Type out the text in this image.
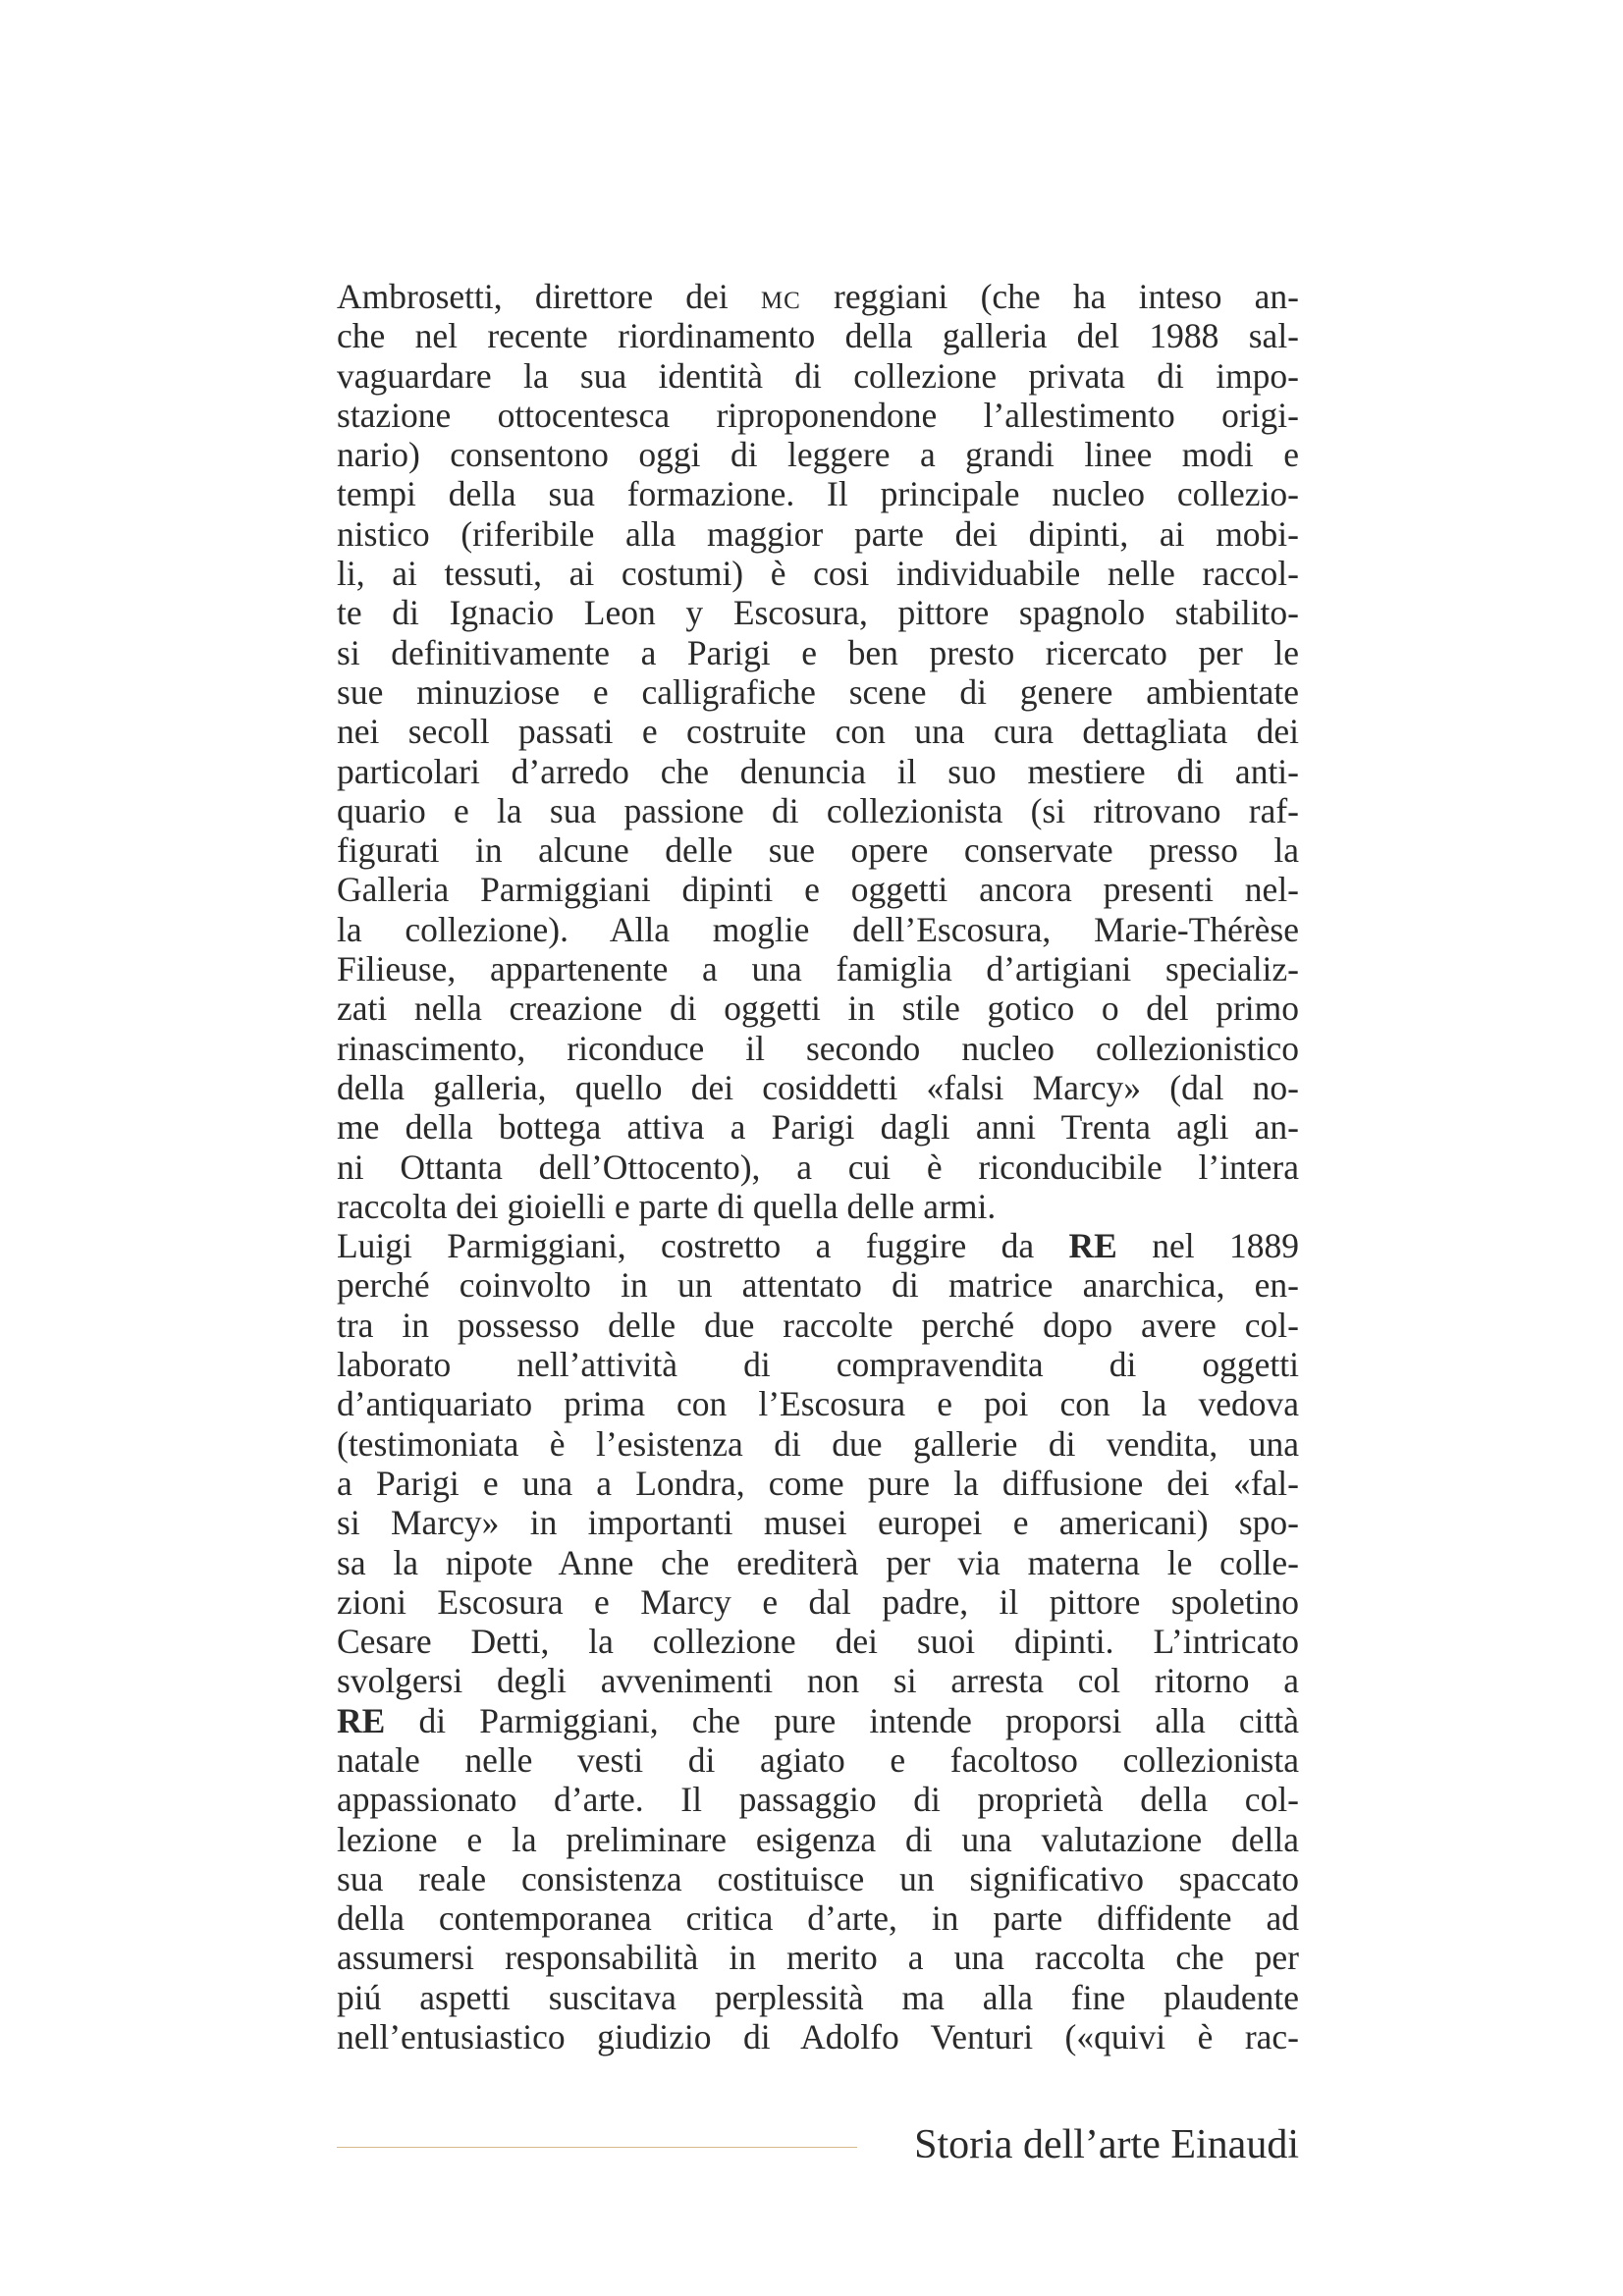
Ambrosetti, direttore dei mc reggiani (che ha inteso an-
che nel recente riordinamento della galleria del 1988 sal-
vaguardare la sua identità di collezione privata di impo-
stazione ottocentesca riproponendone l’allestimento origi-
nario) consentono oggi di leggere a grandi linee modi e
tempi della sua formazione. Il principale nucleo collezio-
nistico (riferibile alla maggior parte dei dipinti, ai mobi-
li, ai tessuti, ai costumi) è cosi individuabile nelle raccol-
te di Ignacio Leon y Escosura, pittore spagnolo stabilito-
si definitivamente a Parigi e ben presto ricercato per le
sue minuziose e calligrafiche scene di genere ambientate
nei secoll passati e costruite con una cura dettagliata dei
particolari d’arredo che denuncia il suo mestiere di anti-
quario e la sua passione di collezionista (si ritrovano raf-
figurati in alcune delle sue opere conservate presso la
Galleria Parmiggiani dipinti e oggetti ancora presenti nel-
la collezione). Alla moglie dell’Escosura, Marie-Thérèse
Filieuse, appartenente a una famiglia d’artigiani specializ-
zati nella creazione di oggetti in stile gotico o del primo
rinascimento, riconduce il secondo nucleo collezionistico
della galleria, quello dei cosiddetti «falsi Marcy» (dal no-
me della bottega attiva a Parigi dagli anni Trenta agli an-
ni Ottanta dell’Ottocento), a cui è riconducibile l’intera
raccolta dei gioielli e parte di quella delle armi.
Luigi Parmiggiani, costretto a fuggire da RE nel 1889
perché coinvolto in un attentato di matrice anarchica, en-
tra in possesso delle due raccolte perché dopo avere col-
laborato nell’attività di compravendita di oggetti
d’antiquariato prima con l’Escosura e poi con la vedova
(testimoniata è l’esistenza di due gallerie di vendita, una
a Parigi e una a Londra, come pure la diffusione dei «fal-
si Marcy» in importanti musei europei e americani) spo-
sa la nipote Anne che erediterà per via materna le colle-
zioni Escosura e Marcy e dal padre, il pittore spoletino
Cesare Detti, la collezione dei suoi dipinti. L’intricato
svolgersi degli avvenimenti non si arresta col ritorno a
RE di Parmiggiani, che pure intende proporsi alla città
natale nelle vesti di agiato e facoltoso collezionista
appassionato d’arte. Il passaggio di proprietà della col-
lezione e la preliminare esigenza di una valutazione della
sua reale consistenza costituisce un significativo spaccato
della contemporanea critica d’arte, in parte diffidente ad
assumersi responsabilità in merito a una raccolta che per
piú aspetti suscitava perplessità ma alla fine plaudente
nell’entusiastico giudizio di Adolfo Venturi («quivi è rac-
Storia dell’arte Einaudi
